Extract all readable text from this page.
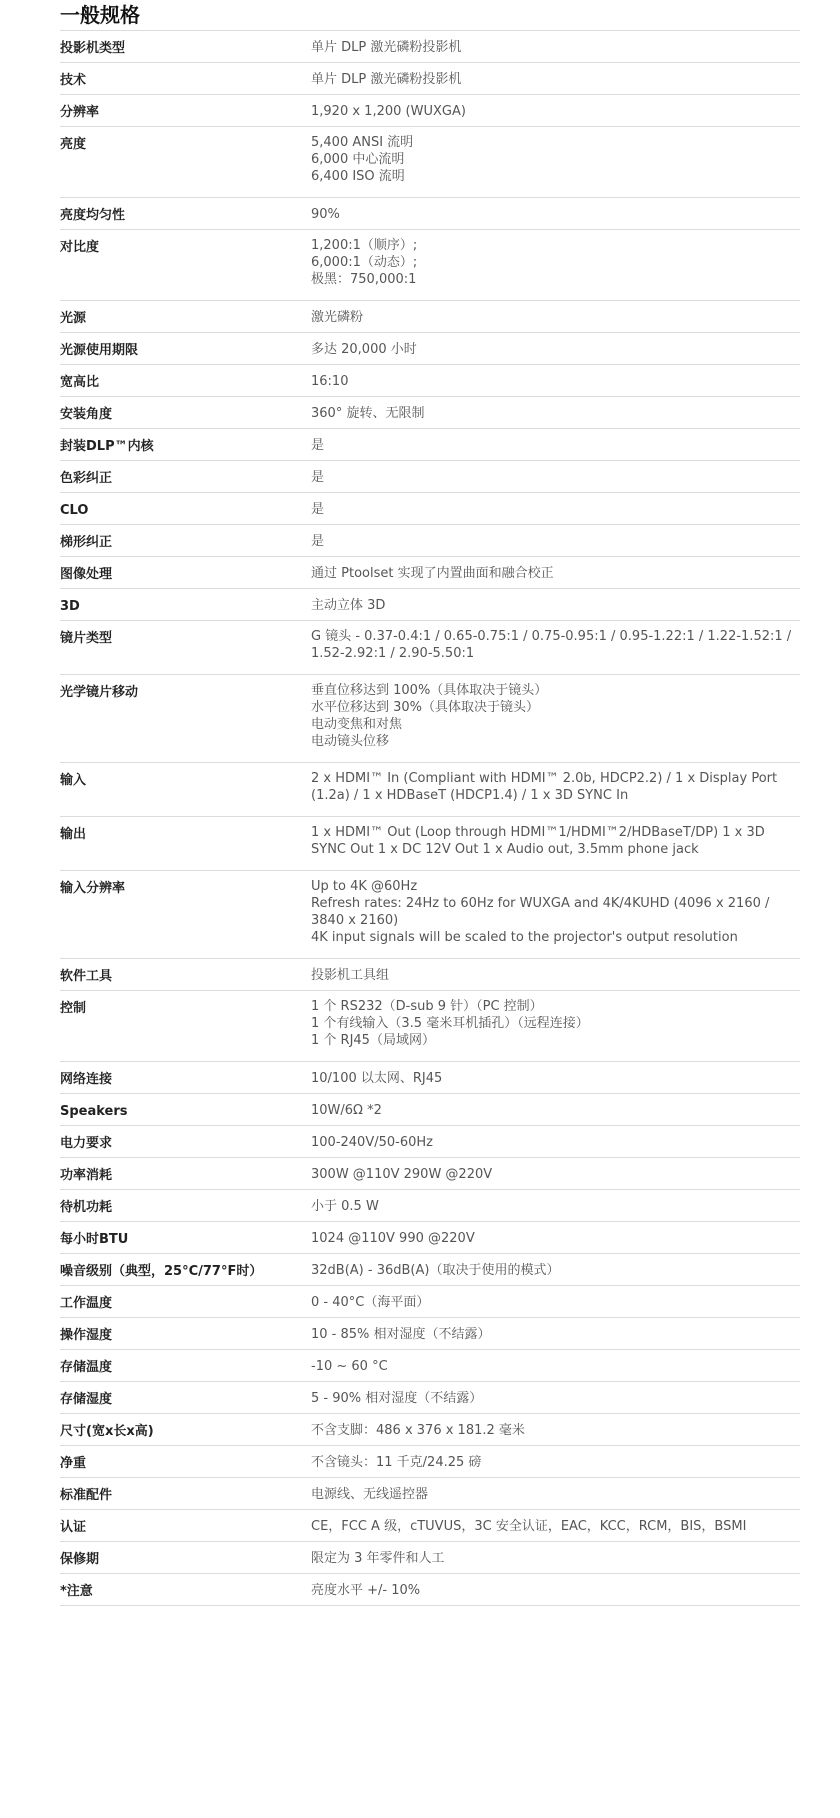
一般规格
投影机类型	单片 DLP 激光磷粉投影机
技术	单片 DLP 激光磷粉投影机
分辨率	1,920 x 1,200 (WUXGA)
亮度	5,400 ANSI 流明
6,000 中心流明
6,400 ISO 流明
亮度均匀性	90%
对比度	1,200:1（顺序）;
6,000:1（动态）;
极黑：750,000:1
光源	激光磷粉
光源使用期限	多达 20,000 小时
宽高比	16:10
安装角度	360° 旋转、无限制
封装DLP™内核	是
色彩纠正	是
CLO	是
梯形纠正	是
图像处理	通过 Ptoolset 实现了内置曲面和融合校正
3D	主动立体 3D
镜片类型	G 镜头 - 0.37-0.4:1 / 0.65-0.75:1 / 0.75-0.95:1 / 0.95-1.22:1 / 1.22-1.52:1 /
1.52-2.92:1 / 2.90-5.50:1
光学镜片移动	垂直位移达到 100%（具体取决于镜头）
水平位移达到 30%（具体取决于镜头）
电动变焦和对焦
电动镜头位移
输入	2 x HDMI™ In (Compliant with HDMI™ 2.0b, HDCP2.2) / 1 x Display Port
(1.2a) / 1 x HDBaseT (HDCP1.4) / 1 x 3D SYNC In
输出	1 x HDMI™ Out (Loop through HDMI™1/HDMI™2/HDBaseT/DP) 1 x 3D
SYNC Out 1 x DC 12V Out 1 x Audio out, 3.5mm phone jack
输入分辨率	Up to 4K @60Hz
Refresh rates: 24Hz to 60Hz for WUXGA and 4K/4KUHD (4096 x 2160 /
3840 x 2160)
4K input signals will be scaled to the projector's output resolution
软件工具	投影机工具组
控制	1 个 RS232（D-sub 9 针）（PC 控制）
1 个有线输入（3.5 毫米耳机插孔）（远程连接）
1 个 RJ45（局域网）
网络连接	10/100 以太网、RJ45
Speakers	10W/6Ω *2
电力要求	100-240V/50-60Hz
功率消耗	300W @110V 290W @220V
待机功耗	小于 0.5 W
每小时BTU	1024 @110V 990 @220V
噪音级别（典型，25°C/77°F时）	32dB(A) - 36dB(A)（取决于使用的模式）
工作温度	0 - 40°C（海平面）
操作湿度	10 - 85% 相对湿度（不结露）
存储温度	-10 ~ 60 °C
存储湿度	5 - 90% 相对湿度（不结露）
尺寸(宽x长x高)	不含支脚：486 x 376 x 181.2 毫米
净重	不含镜头：11 千克/24.25 磅
标准配件	电源线、无线遥控器
认证	CE，FCC A 级，cTUVUS，3C 安全认证，EAC，KCC，RCM，BIS，BSMI
保修期	限定为 3 年零件和人工
*注意	亮度水平 +/- 10%
